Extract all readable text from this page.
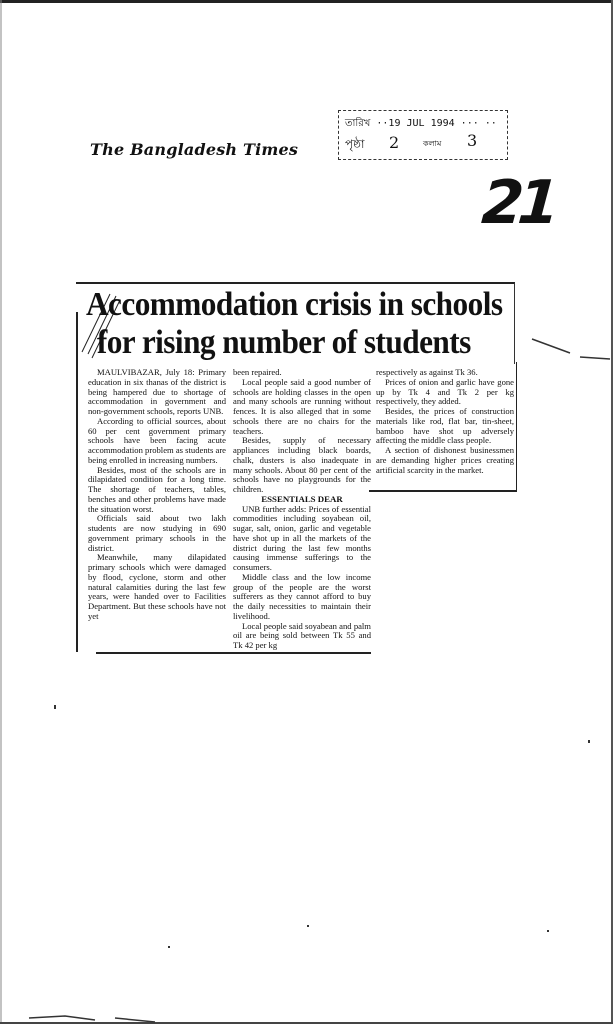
The Bangladesh Times
তারিখ ··19 JUL 1994 ··· ··
পৃষ্ঠা 2	কলাম 3
21
Accommodation crisis in schools
for rising number of students

MAULVIBAZAR, July 18: Primary education in six thanas of the district is being hampered due to shortage of accommodation in government and non-government schools, reports UNB.

According to official sources, about 60 per cent government primary schools have been facing acute accommodation problem as students are being enrolled in increasing numbers.

Besides, most of the schools are in dilapidated condition for a long time. The shortage of teachers, tables, benches and other problems have made the situation worst.

Officials said about two lakh students are now studying in 690 government primary schools in the district.

Meanwhile, many dilapidated primary schools which were damaged by flood, cyclone, storm and other natural calamities during the last few years, were handed over to Facilities Department. But these schools have not yet

been repaired.

Local people said a good number of schools are holding classes in the open and many schools are running without fences. It is also alleged that in some schools there are no chairs for the teachers.

Besides, supply of necessary appliances including black boards, chalk, dusters is also inadequate in many schools. About 80 per cent of the schools have no playgrounds for the children.

ESSENTIALS DEAR

UNB further adds: Prices of essential commodities including soyabean oil, sugar, salt, onion, garlic and vegetable have shot up in all the markets of the district during the last few months causing immense sufferings to the consumers.

Middle class and the low income group of the people are the worst sufferers as they cannot afford to buy the daily necessities to maintain their livelihood.

Local people said soyabean and palm oil are being sold between Tk 55 and Tk 42 per kg

respectively as against Tk 36.

Prices of onion and garlic have gone up by Tk 4 and Tk 2 per kg respectively, they added.

Besides, the prices of construction materials like rod, flat bar, tin-sheet, bamboo have shot up adversely affecting the middle class people.

A section of dishonest businessmen are demanding higher prices creating artificial scarcity in the market.
